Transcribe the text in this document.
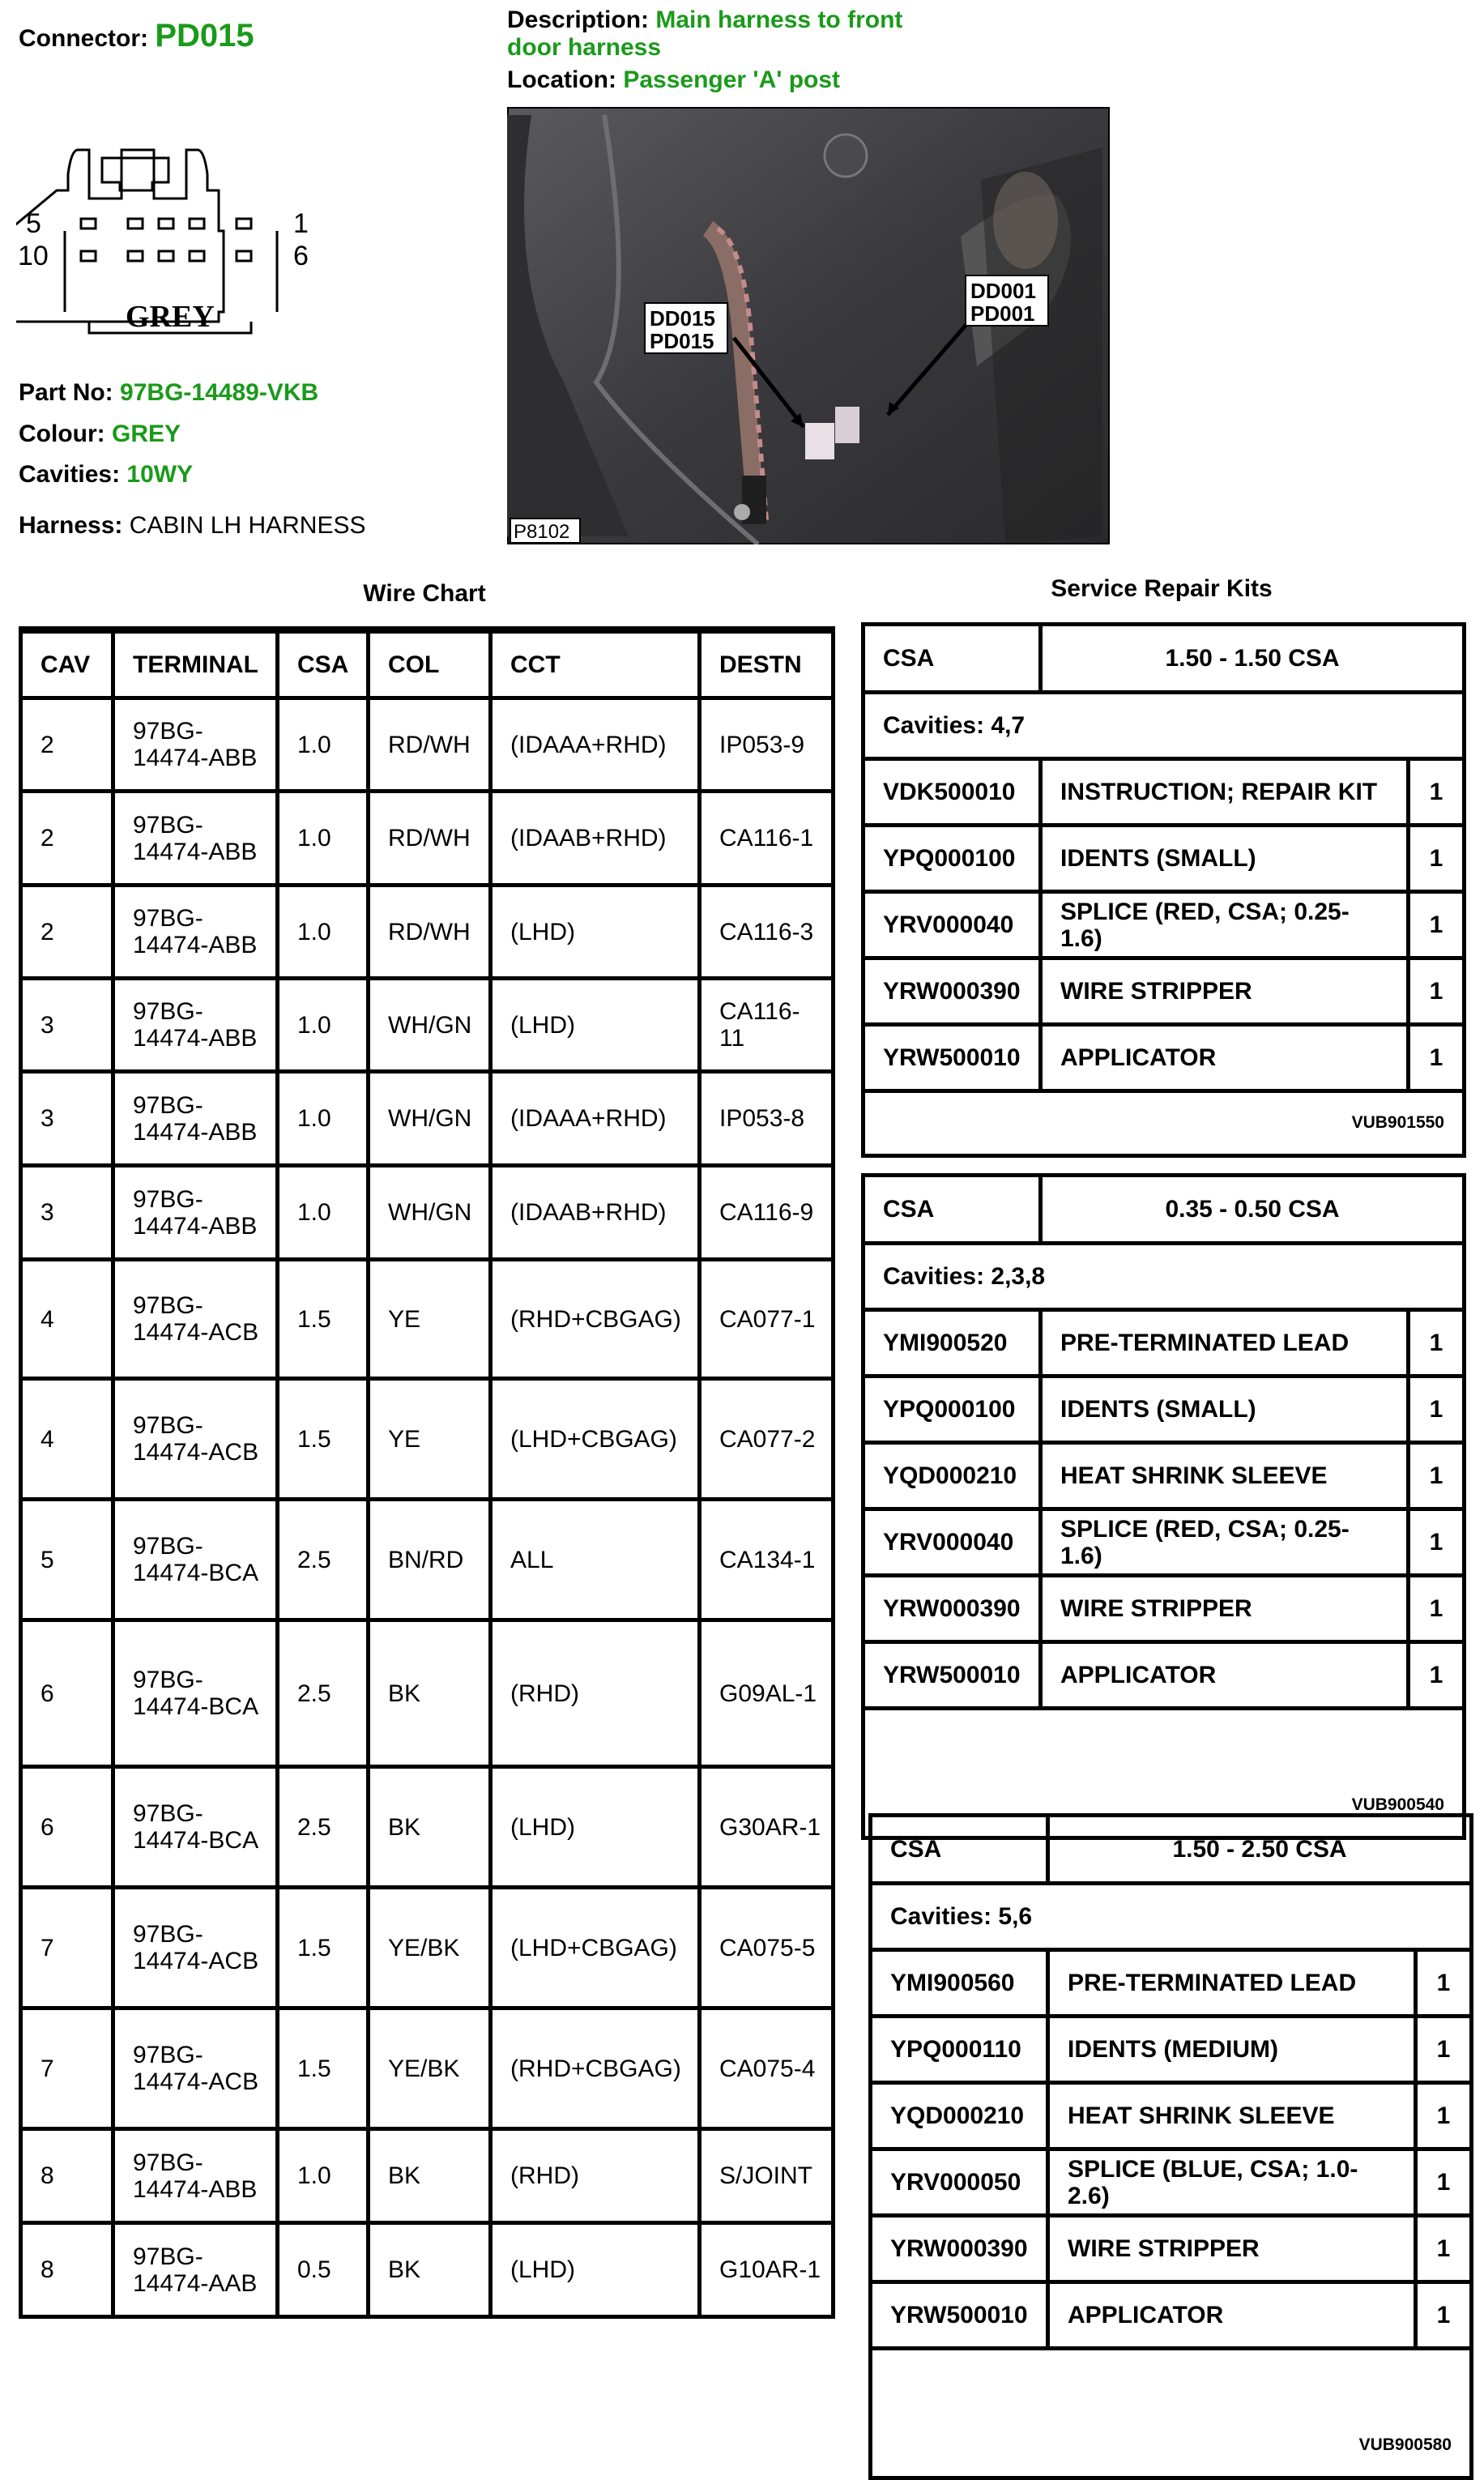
Connector: PD015	Description: Main harness to front door harness
Location: Passenger 'A' post
5
10
1
6
GREY	DD015
PD015
DD001
PD001
P8102
Part No: 97BG-14489-VKB
Colour: GREY
Cavities: 10WY
Harness: CABIN LH HARNESS
Wire Chart	Service Repair Kits
CAV	TERMINAL	CSA	COL	CCT	DESTN
2	97BG-14474-ABB	1.0	RD/WH	(IDAAA+RHD)	IP053-9
2	97BG-14474-ABB	1.0	RD/WH	(IDAAB+RHD)	CA116-1
2	97BG-14474-ABB	1.0	RD/WH	(LHD)	CA116-3
3	97BG-14474-ABB	1.0	WH/GN	(LHD)	CA116-11
3	97BG-14474-ABB	1.0	WH/GN	(IDAAA+RHD)	IP053-8
3	97BG-14474-ABB	1.0	WH/GN	(IDAAB+RHD)	CA116-9
4	97BG-14474-ACB	1.5	YE	(RHD+CBGAG)	CA077-1
4	97BG-14474-ACB	1.5	YE	(LHD+CBGAG)	CA077-2
5	97BG-14474-BCA	2.5	BN/RD	ALL	CA134-1
6	97BG-14474-BCA	2.5	BK	(RHD)	G09AL-1
6	97BG-14474-BCA	2.5	BK	(LHD)	G30AR-1
7	97BG-14474-ACB	1.5	YE/BK	(LHD+CBGAG)	CA075-5
7	97BG-14474-ACB	1.5	YE/BK	(RHD+CBGAG)	CA075-4
8	97BG-14474-ABB	1.0	BK	(RHD)	S/JOINT
8	97BG-14474-AAB	0.5	BK	(LHD)	G10AR-1
CSA	1.50 - 1.50 CSA	
Cavities: 4,7		
VDK500010	INSTRUCTION; REPAIR KIT	1
YPQ000100	IDENTS (SMALL)	1
YRV000040	SPLICE (RED, CSA; 0.25-1.6)	1
YRW000390	WIRE STRIPPER	1
YRW500010	APPLICATOR	1
VUB901550		
CSA	0.35 - 0.50 CSA	
Cavities: 2,3,8		
YMI900520	PRE-TERMINATED LEAD	1
YPQ000100	IDENTS (SMALL)	1
YQD000210	HEAT SHRINK SLEEVE	1
YRV000040	SPLICE (RED, CSA; 0.25-1.6)	1
YRW000390	WIRE STRIPPER	1
YRW500010	APPLICATOR	1
VUB900540		
CSA	1.50 - 2.50 CSA	
Cavities: 5,6		
YMI900560	PRE-TERMINATED LEAD	1
YPQ000110	IDENTS (MEDIUM)	1
YQD000210	HEAT SHRINK SLEEVE	1
YRV000050	SPLICE (BLUE, CSA; 1.0-2.6)	1
YRW000390	WIRE STRIPPER	1
YRW500010	APPLICATOR	1
VUB900580		
